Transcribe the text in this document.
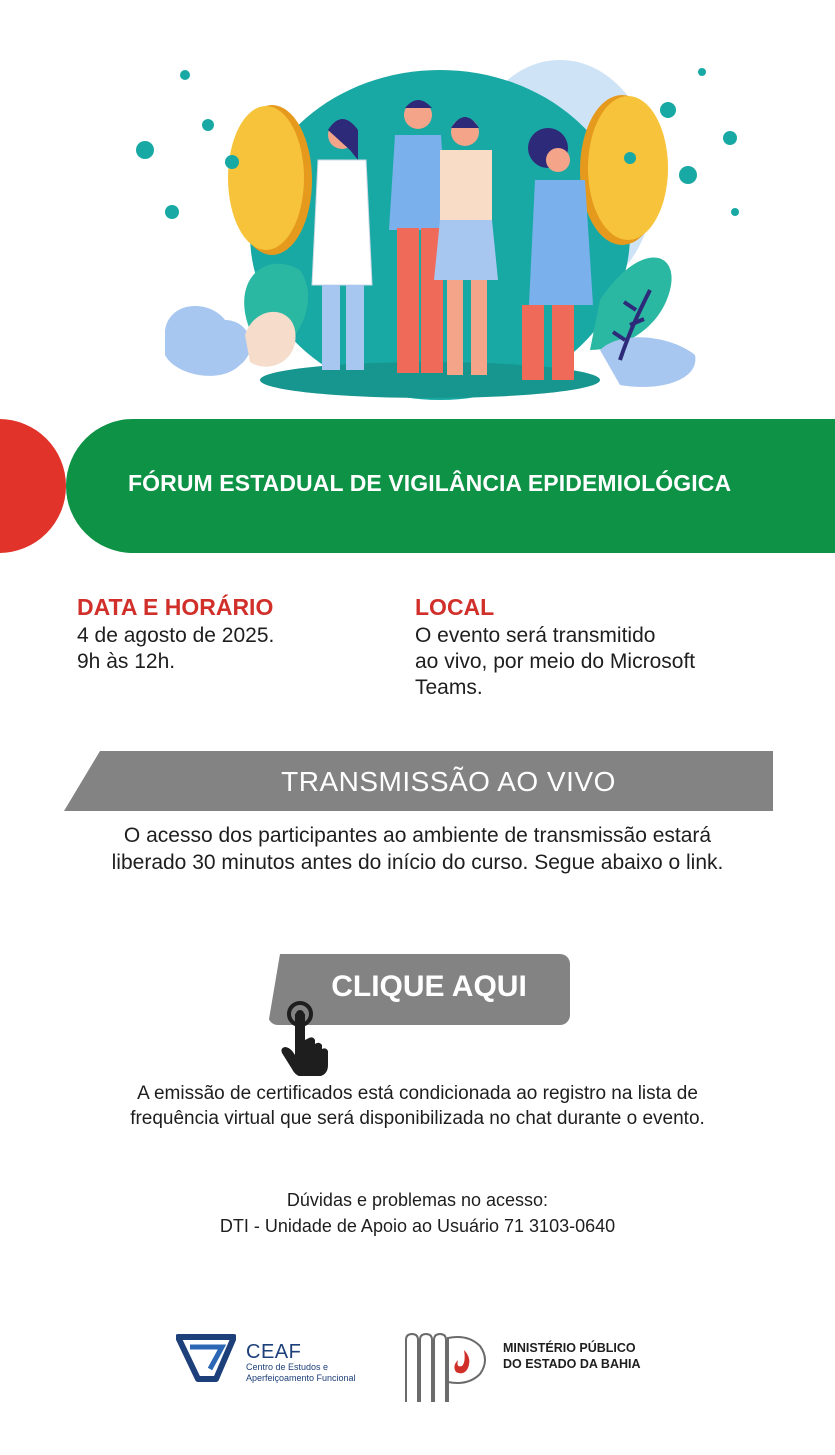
FÓRUM ESTADUAL DE VIGILÂNCIA EPIDEMIOLÓGICA
DATA E HORÁRIO
4 de agosto de 2025.
9h às 12h.
LOCAL
O evento será transmitido
ao vivo, por meio do Microsoft
Teams.
TRANSMISSÃO AO VIVO
O acesso dos participantes ao ambiente de transmissão estará
liberado 30 minutos antes do início do curso. Segue abaixo o link.
CLIQUE AQUI
A emissão de certificados está condicionada ao registro na lista de
frequência virtual que será disponibilizada no chat durante o evento.
Dúvidas e problemas no acesso:
DTI - Unidade de Apoio ao Usuário 71 3103-0640
CEAF
Centro de Estudos e
Aperfeiçoamento Funcional
MINISTÉRIO PÚBLICO
DO ESTADO DA BAHIA
